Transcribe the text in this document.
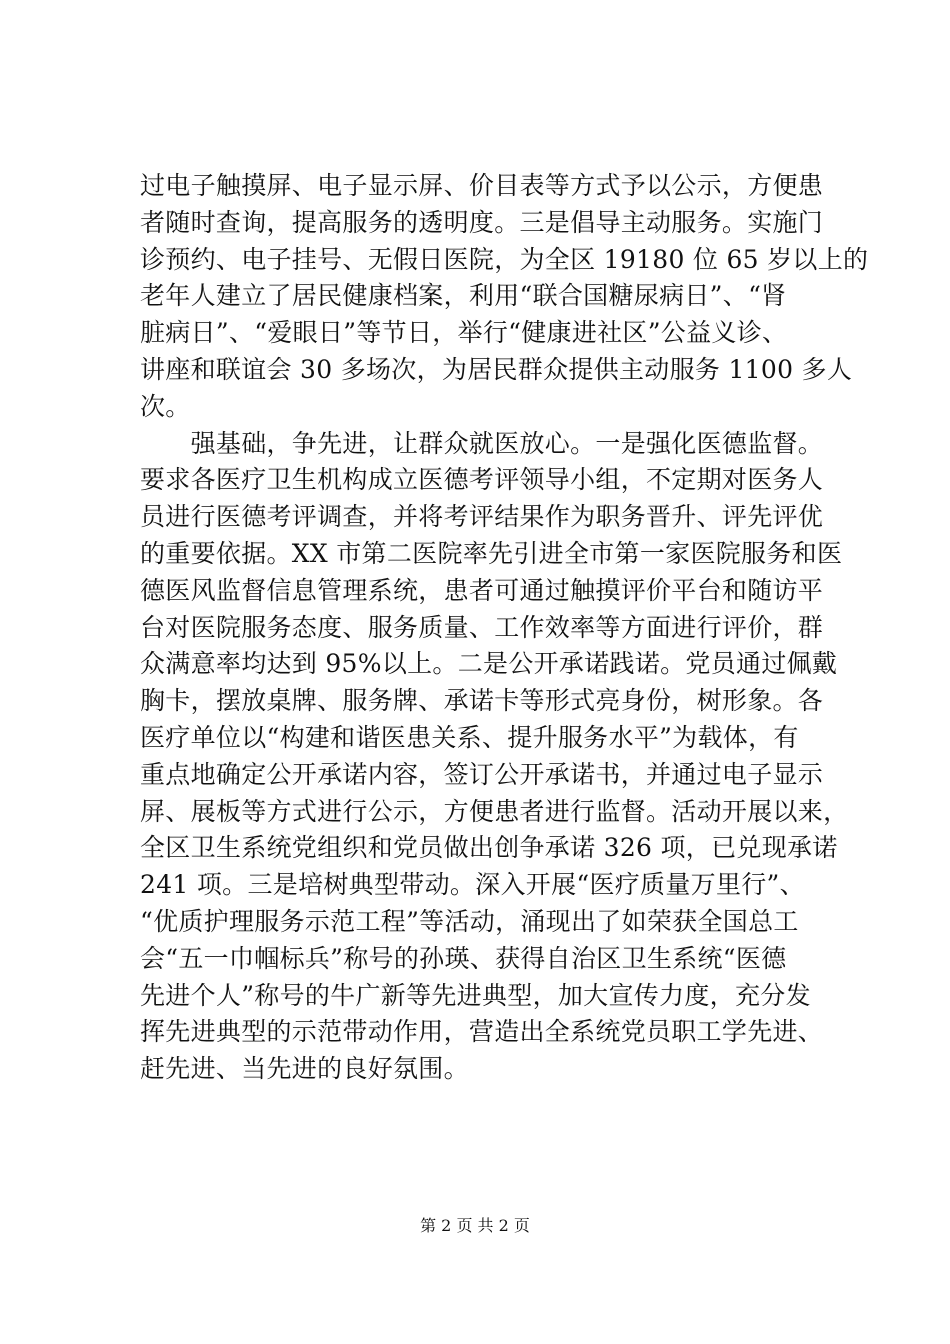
过电子触摸屏、电子显示屏、价目表等方式予以公示，方便患
者随时查询，提高服务的透明度。三是倡导主动服务。实施门
诊预约、电子挂号、无假日医院，为全区 19180 位 65 岁以上的
老年人建立了居民健康档案，利用“联合国糖尿病日”、“肾
脏病日”、“爱眼日”等节日，举行“健康进社区”公益义诊、
讲座和联谊会 30 多场次，为居民群众提供主动服务 1100 多人
次。
　　强基础，争先进，让群众就医放心。一是强化医德监督。
要求各医疗卫生机构成立医德考评领导小组，不定期对医务人
员进行医德考评调查，并将考评结果作为职务晋升、评先评优
的重要依据。XX 市第二医院率先引进全市第一家医院服务和医
德医风监督信息管理系统，患者可通过触摸评价平台和随访平
台对医院服务态度、服务质量、工作效率等方面进行评价，群
众满意率均达到 95%以上。二是公开承诺践诺。党员通过佩戴
胸卡，摆放桌牌、服务牌、承诺卡等形式亮身份，树形象。各
医疗单位以“构建和谐医患关系、提升服务水平”为载体，有
重点地确定公开承诺内容，签订公开承诺书，并通过电子显示
屏、展板等方式进行公示，方便患者进行监督。活动开展以来，
全区卫生系统党组织和党员做出创争承诺 326 项，已兑现承诺
241 项。三是培树典型带动。深入开展“医疗质量万里行”、
“优质护理服务示范工程”等活动，涌现出了如荣获全国总工
会“五一巾帼标兵”称号的孙瑛、获得自治区卫生系统“医德
先进个人”称号的牛广新等先进典型，加大宣传力度，充分发
挥先进典型的示范带动作用，营造出全系统党员职工学先进、
赶先进、当先进的良好氛围。
第 2 页 共 2 页
